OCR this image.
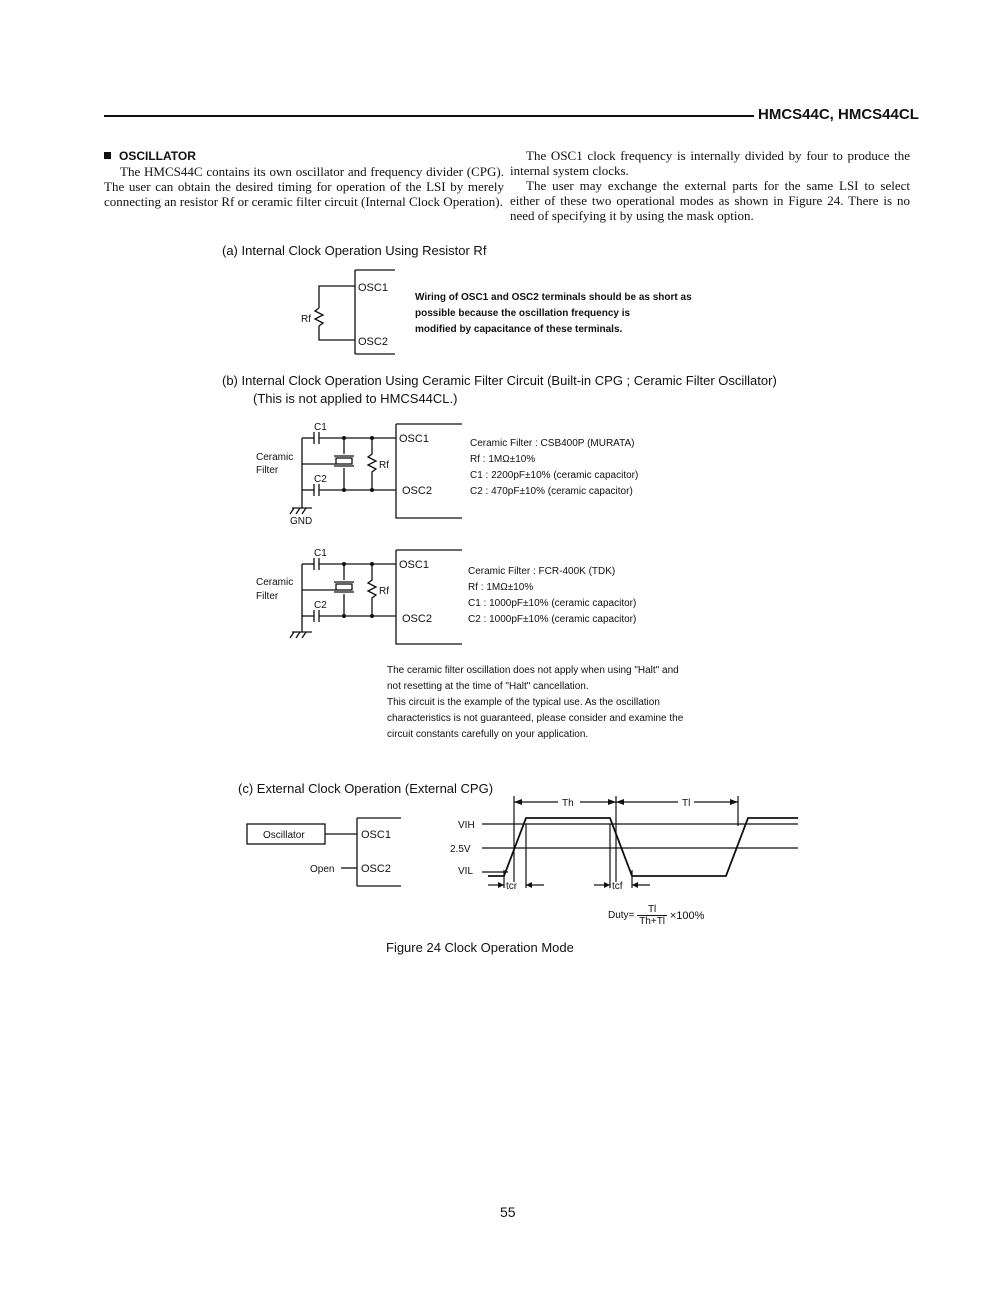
HMCS44C, HMCS44CL

OSCILLATOR

The HMCS44C contains its own oscillator and frequency divider (CPG). The user can obtain the desired timing for operation of the LSI by merely connecting an resistor Rf or ceramic filter circuit (Internal Clock Operation).

The OSC1 clock frequency is internally divided by four to produce the internal system clocks.

The user may exchange the external parts for the same LSI to select either of these two operational modes as shown in Figure 24. There is no need of specifying it by using the mask option.

(a) Internal Clock Operation Using Resistor Rf
Rf
OSC1
OSC2
Wiring of OSC1 and OSC2 terminals should be as short as
possible because the oscillation frequency is
modified by capacitance of these terminals.
(b) Internal Clock Operation Using Ceramic Filter Circuit (Built-in CPG ; Ceramic Filter Oscillator)
(This is not applied to HMCS44CL.)
C1
C2
Rf
OSC1
OSC2
Ceramic
Filter
GND
Ceramic Filter : CSB400P (MURATA)
Rf : 1MΩ±10%
C1 : 2200pF±10% (ceramic capacitor)
C2 : 470pF±10% (ceramic capacitor)
C1
C2
Rf
OSC1
OSC2
Ceramic
Filter
Ceramic Filter : FCR-400K (TDK)
Rf : 1MΩ±10%
C1 : 1000pF±10% (ceramic capacitor)
C2 : 1000pF±10% (ceramic capacitor)
The ceramic filter oscillation does not apply when using "Halt" and
not resetting at the time of "Halt" cancellation.
This circuit is the example of the typical use. As the oscillation
characteristics is not guaranteed, please consider and examine the
circuit constants carefully on your application.
(c) External Clock Operation (External CPG)
Oscillator	OSC1
OSC2
Open
Th	Tl
VIH
2.5V
VIL
tcr	tcf
Duty= $\frac{Tl}{Th+Tl} \times 100\%$
Figure 24 Clock Operation Mode
55
